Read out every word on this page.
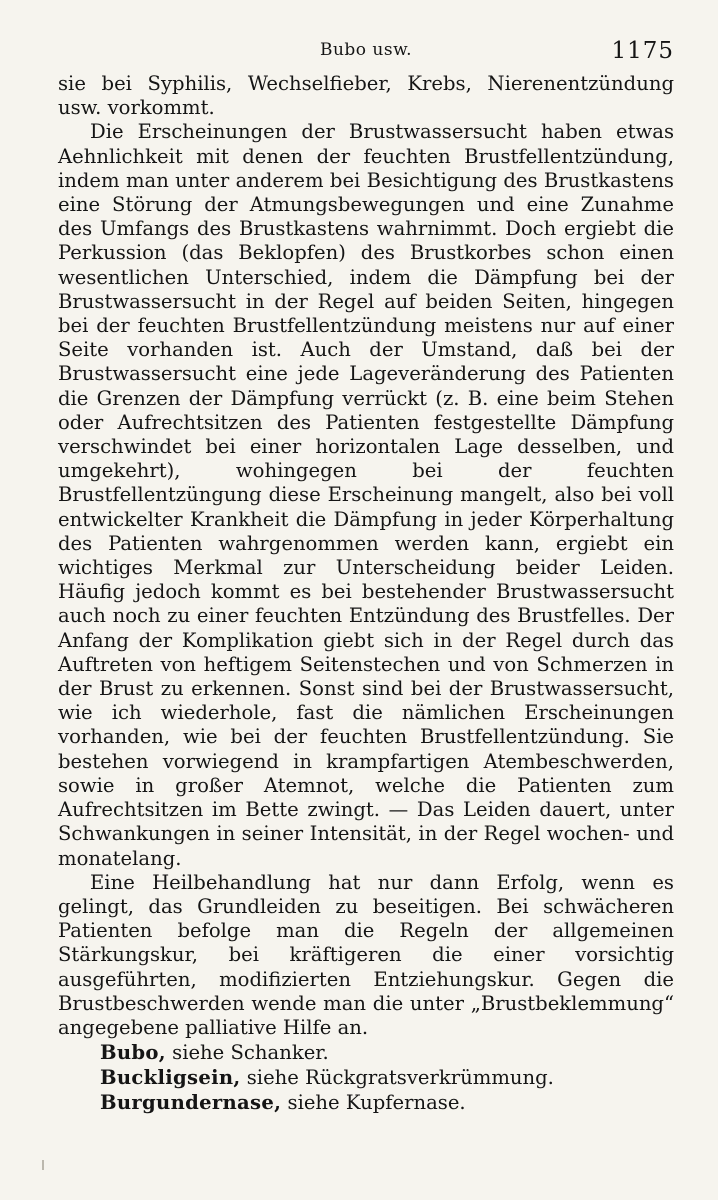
Bubo usw.	1175

sie bei Syphilis, Wechselfieber, Krebs, Nierenentzündung usw. vorkommt.

Die Erscheinungen der Brustwassersucht haben etwas Aehnlichkeit mit denen der feuchten Brustfellentzündung, indem man unter anderem bei Besichtigung des Brustkastens eine Störung der Atmungsbewegungen und eine Zunahme des Umfangs des Brustkastens wahrnimmt. Doch ergiebt die Perkussion (das Beklopfen) des Brustkorbes schon einen wesentlichen Unterschied, indem die Dämpfung bei der Brustwassersucht in der Regel auf beiden Seiten, hingegen bei der feuchten Brustfellentzündung meistens nur auf einer Seite vorhanden ist. Auch der Umstand, daß bei der Brustwassersucht eine jede Lageveränderung des Patienten die Grenzen der Dämpfung verrückt (z. B. eine beim Stehen oder Aufrechtsitzen des Patienten festgestellte Dämpfung verschwindet bei einer horizontalen Lage desselben, und umgekehrt), wohingegen bei der feuchten Brustfellentzüngung diese Erscheinung mangelt, also bei voll entwickelter Krankheit die Dämpfung in jeder Körperhaltung des Patienten wahrgenommen werden kann, ergiebt ein wichtiges Merkmal zur Unterscheidung beider Leiden. Häufig jedoch kommt es bei bestehender Brustwassersucht auch noch zu einer feuchten Entzündung des Brustfelles. Der Anfang der Komplikation giebt sich in der Regel durch das Auftreten von heftigem Seitenstechen und von Schmerzen in der Brust zu erkennen. Sonst sind bei der Brustwassersucht, wie ich wiederhole, fast die nämlichen Erscheinungen vorhanden, wie bei der feuchten Brustfellentzündung. Sie bestehen vorwiegend in krampfartigen Atembeschwerden, sowie in großer Atemnot, welche die Patienten zum Aufrechtsitzen im Bette zwingt. — Das Leiden dauert, unter Schwankungen in seiner Intensität, in der Regel wochen- und monatelang.

Eine Heilbehandlung hat nur dann Erfolg, wenn es gelingt, das Grundleiden zu beseitigen. Bei schwächeren Patienten befolge man die Regeln der allgemeinen Stärkungskur, bei kräftigeren die einer vorsichtig ausgeführten, modifizierten Entziehungskur. Gegen die Brustbeschwerden wende man die unter „Brustbeklemmung“ angegebene palliative Hilfe an.

Bubo, siehe Schanker.
Buckligsein, siehe Rückgratsverkrümmung.
Burgundernase, siehe Kupfernase.
